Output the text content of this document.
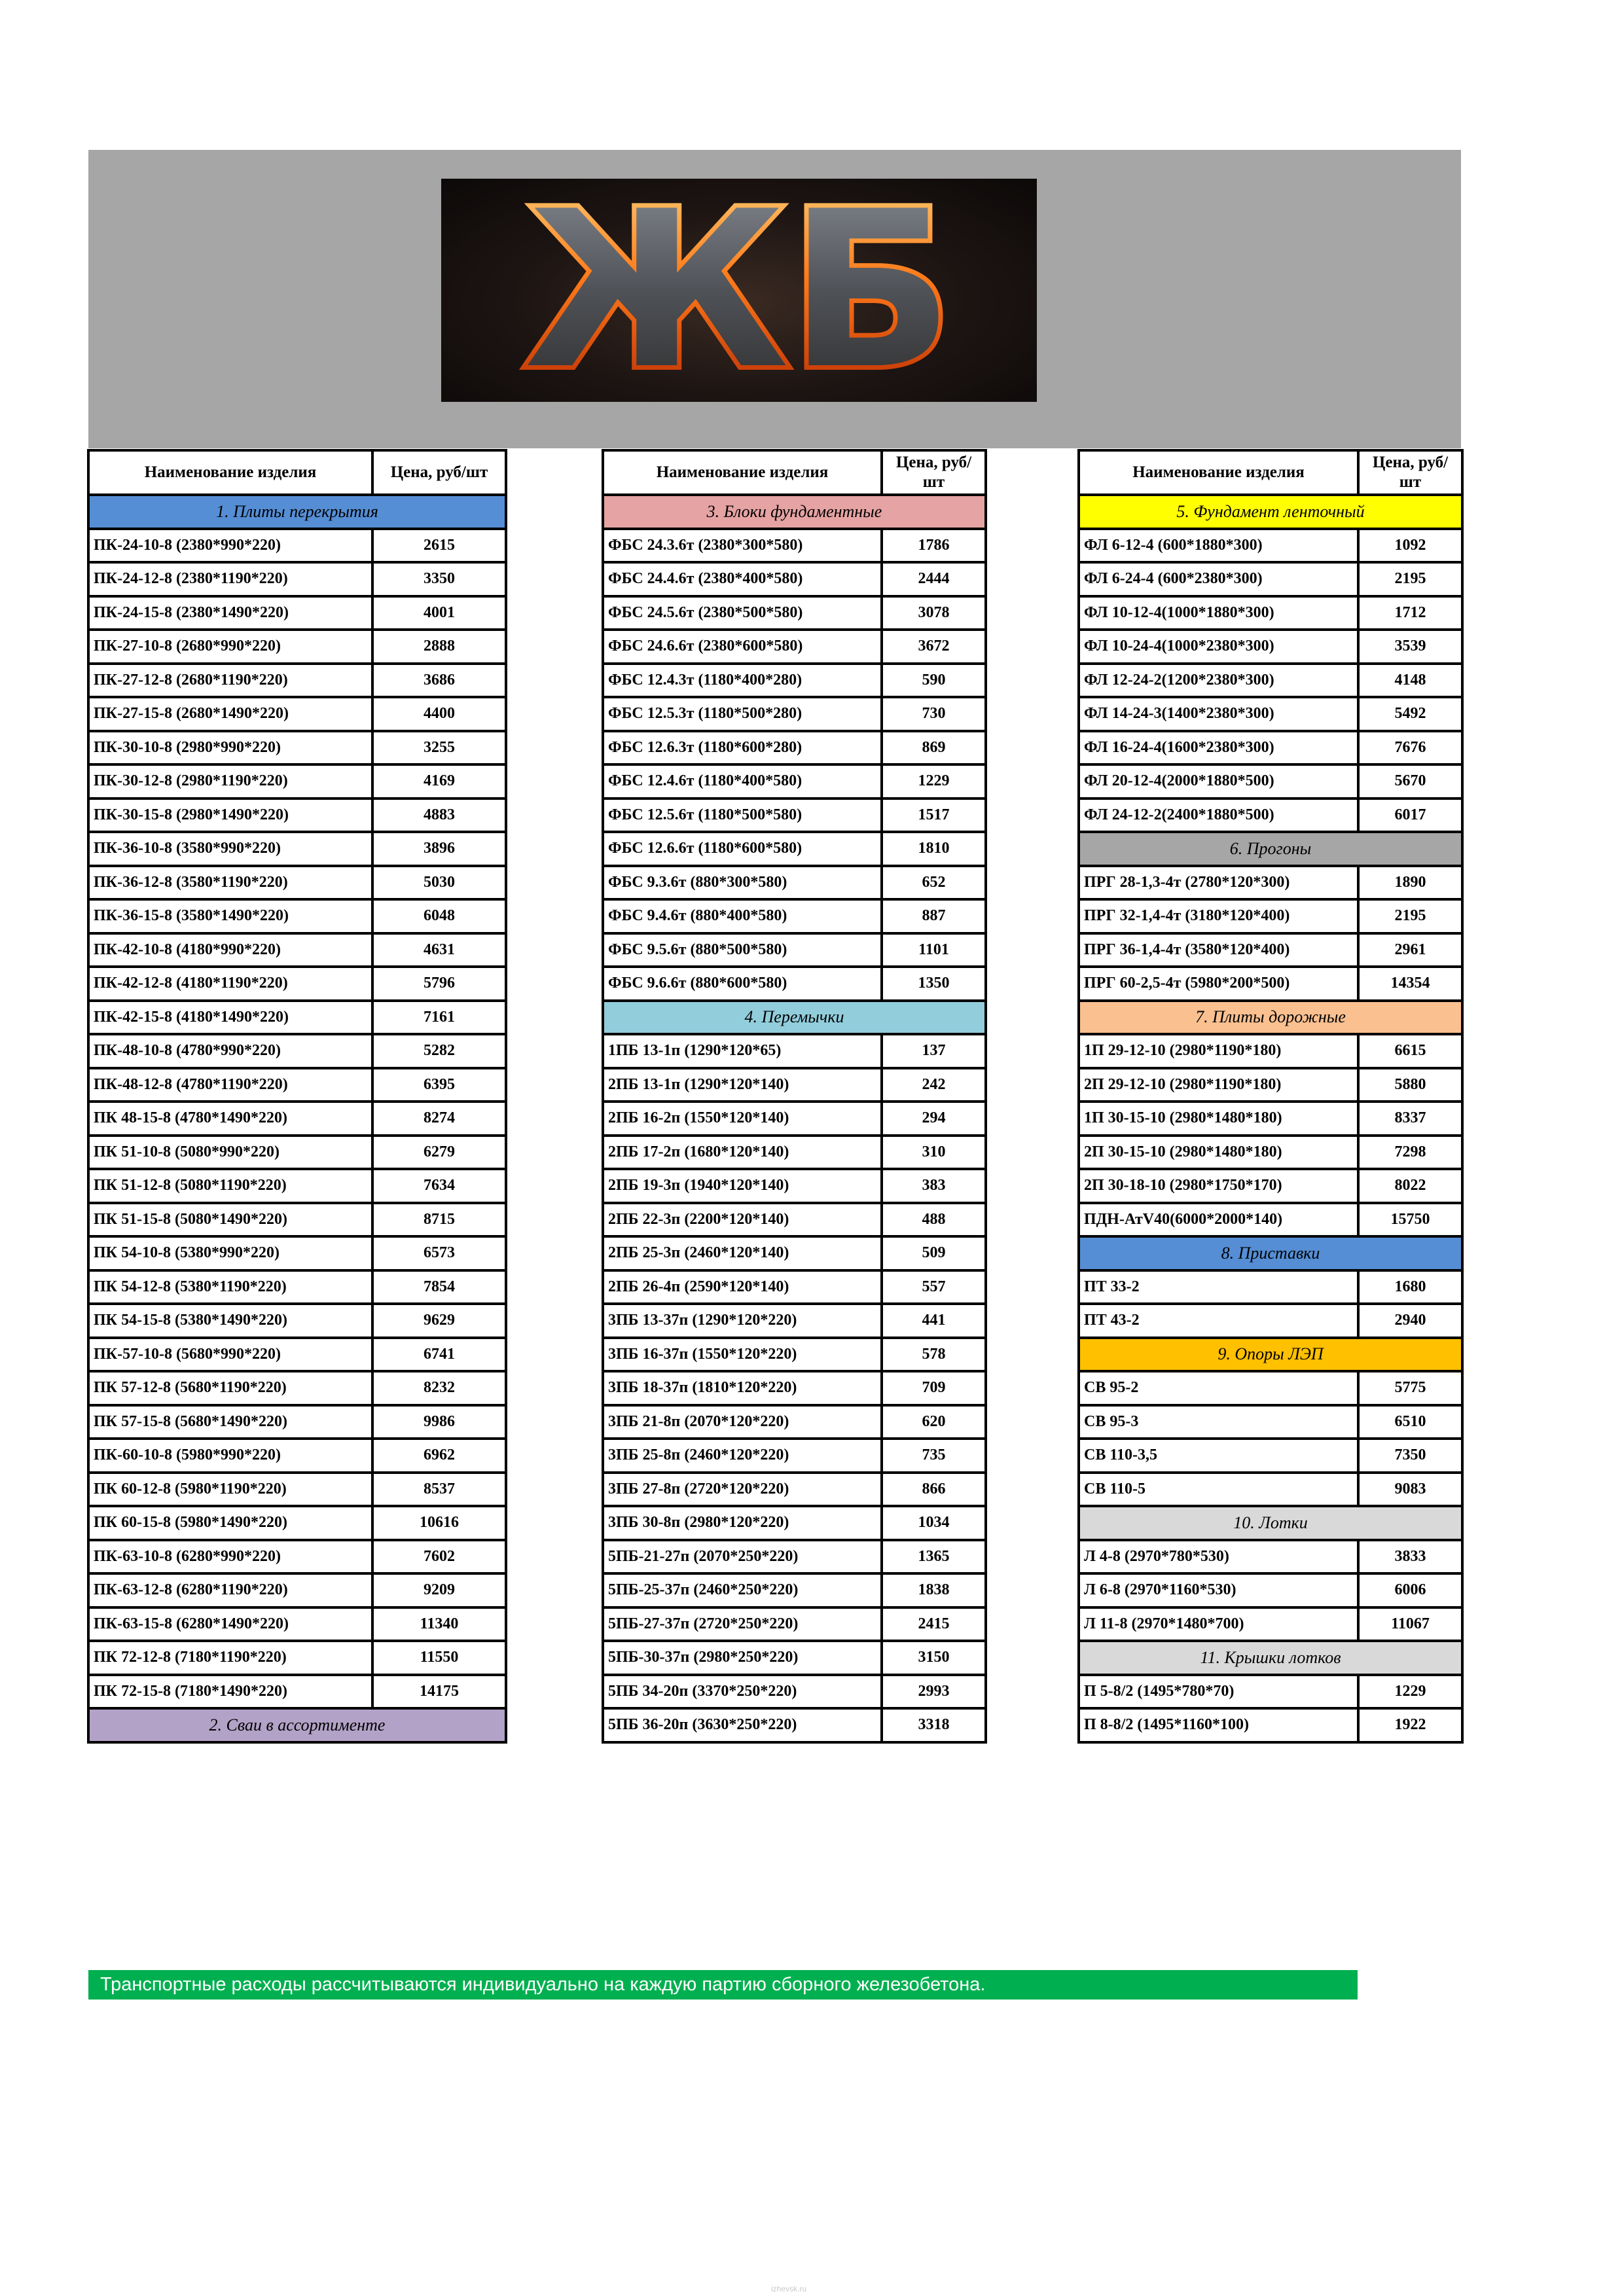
ЖБ
Наименование изделия	Цена, руб/шт
1. Плиты перекрытия	
ПК-24-10-8 (2380*990*220)	2615
ПК-24-12-8 (2380*1190*220)	3350
ПК-24-15-8 (2380*1490*220)	4001
ПК-27-10-8 (2680*990*220)	2888
ПК-27-12-8 (2680*1190*220)	3686
ПК-27-15-8 (2680*1490*220)	4400
ПК-30-10-8 (2980*990*220)	3255
ПК-30-12-8 (2980*1190*220)	4169
ПК-30-15-8 (2980*1490*220)	4883
ПК-36-10-8 (3580*990*220)	3896
ПК-36-12-8 (3580*1190*220)	5030
ПК-36-15-8 (3580*1490*220)	6048
ПК-42-10-8 (4180*990*220)	4631
ПК-42-12-8 (4180*1190*220)	5796
ПК-42-15-8 (4180*1490*220)	7161
ПК-48-10-8 (4780*990*220)	5282
ПК-48-12-8 (4780*1190*220)	6395
ПК 48-15-8 (4780*1490*220)	8274
ПК 51-10-8 (5080*990*220)	6279
ПК 51-12-8 (5080*1190*220)	7634
ПК 51-15-8 (5080*1490*220)	8715
ПК 54-10-8 (5380*990*220)	6573
ПК 54-12-8 (5380*1190*220)	7854
ПК 54-15-8 (5380*1490*220)	9629
ПК-57-10-8 (5680*990*220)	6741
ПК 57-12-8 (5680*1190*220)	8232
ПК 57-15-8 (5680*1490*220)	9986
ПК-60-10-8 (5980*990*220)	6962
ПК 60-12-8 (5980*1190*220)	8537
ПК 60-15-8 (5980*1490*220)	10616
ПК-63-10-8 (6280*990*220)	7602
ПК-63-12-8 (6280*1190*220)	9209
ПК-63-15-8 (6280*1490*220)	11340
ПК 72-12-8 (7180*1190*220)	11550
ПК 72-15-8 (7180*1490*220)	14175
2. Сваи в ассортименте	
Наименование изделия	Цена, руб/шт
3. Блоки фундаментные	
ФБС 24.3.6т (2380*300*580)	1786
ФБС 24.4.6т (2380*400*580)	2444
ФБС 24.5.6т (2380*500*580)	3078
ФБС 24.6.6т (2380*600*580)	3672
ФБС 12.4.3т (1180*400*280)	590
ФБС 12.5.3т (1180*500*280)	730
ФБС 12.6.3т (1180*600*280)	869
ФБС 12.4.6т (1180*400*580)	1229
ФБС 12.5.6т (1180*500*580)	1517
ФБС 12.6.6т (1180*600*580)	1810
ФБС 9.3.6т (880*300*580)	652
ФБС 9.4.6т (880*400*580)	887
ФБС 9.5.6т (880*500*580)	1101
ФБС 9.6.6т (880*600*580)	1350
4. Перемычки	
1ПБ 13-1п (1290*120*65)	137
2ПБ 13-1п (1290*120*140)	242
2ПБ 16-2п (1550*120*140)	294
2ПБ 17-2п (1680*120*140)	310
2ПБ 19-3п (1940*120*140)	383
2ПБ 22-3п (2200*120*140)	488
2ПБ 25-3п (2460*120*140)	509
2ПБ 26-4п (2590*120*140)	557
3ПБ 13-37п (1290*120*220)	441
3ПБ 16-37п (1550*120*220)	578
3ПБ 18-37п (1810*120*220)	709
3ПБ 21-8п (2070*120*220)	620
3ПБ 25-8п (2460*120*220)	735
3ПБ 27-8п (2720*120*220)	866
3ПБ 30-8п (2980*120*220)	1034
5ПБ-21-27п (2070*250*220)	1365
5ПБ-25-37п (2460*250*220)	1838
5ПБ-27-37п (2720*250*220)	2415
5ПБ-30-37п (2980*250*220)	3150
5ПБ 34-20п (3370*250*220)	2993
5ПБ 36-20п (3630*250*220)	3318
Наименование изделия	Цена, руб/шт
5. Фундамент ленточный	
ФЛ 6-12-4 (600*1880*300)	1092
ФЛ 6-24-4 (600*2380*300)	2195
ФЛ 10-12-4(1000*1880*300)	1712
ФЛ 10-24-4(1000*2380*300)	3539
ФЛ 12-24-2(1200*2380*300)	4148
ФЛ 14-24-3(1400*2380*300)	5492
ФЛ 16-24-4(1600*2380*300)	7676
ФЛ 20-12-4(2000*1880*500)	5670
ФЛ 24-12-2(2400*1880*500)	6017
6. Прогоны	
ПРГ 28-1,3-4т (2780*120*300)	1890
ПРГ 32-1,4-4т (3180*120*400)	2195
ПРГ 36-1,4-4т (3580*120*400)	2961
ПРГ 60-2,5-4т (5980*200*500)	14354
7. Плиты дорожные	
1П 29-12-10 (2980*1190*180)	6615
2П 29-12-10 (2980*1190*180)	5880
1П 30-15-10 (2980*1480*180)	8337
2П 30-15-10 (2980*1480*180)	7298
2П 30-18-10 (2980*1750*170)	8022
ПДН-АтV40(6000*2000*140)	15750
8. Приставки	
ПТ 33-2	1680
ПТ 43-2	2940
9. Опоры ЛЭП	
СВ 95-2	5775
СВ 95-3	6510
СВ 110-3,5	7350
СВ 110-5	9083
10. Лотки	
Л 4-8 (2970*780*530)	3833
Л 6-8 (2970*1160*530)	6006
Л 11-8 (2970*1480*700)	11067
11. Крышки лотков	
П 5-8/2 (1495*780*70)	1229
П 8-8/2 (1495*1160*100)	1922
Транспортные расходы рассчитываются индивидуально на каждую партию сборного железобетона.
izhevsk.ru
